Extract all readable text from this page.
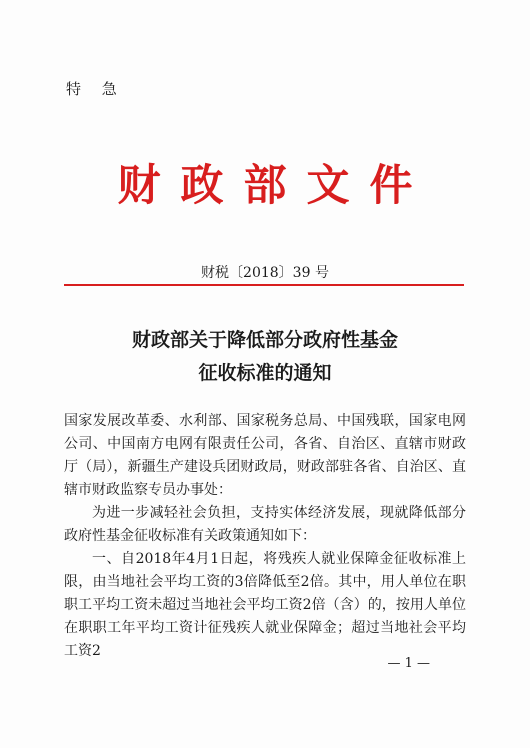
特 急
财政部文件
财税〔2018〕39 号
财政部关于降低部分政府性基金
征收标准的通知

国家发展改革委、水利部、国家税务总局、中国残联，国家电网公司、中国南方电网有限责任公司，各省、自治区、直辖市财政厅（局），新疆生产建设兵团财政局，财政部驻各省、自治区、直辖市财政监察专员办事处：

为进一步减轻社会负担，支持实体经济发展，现就降低部分政府性基金征收标准有关政策通知如下：

一、自2018年4月1日起，将残疾人就业保障金征收标准上限，由当地社会平均工资的3倍降低至2倍。其中，用人单位在职职工平均工资未超过当地社会平均工资2倍（含）的，按用人单位在职职工年平均工资计征残疾人就业保障金；超过当地社会平均工资2

— 1 —
